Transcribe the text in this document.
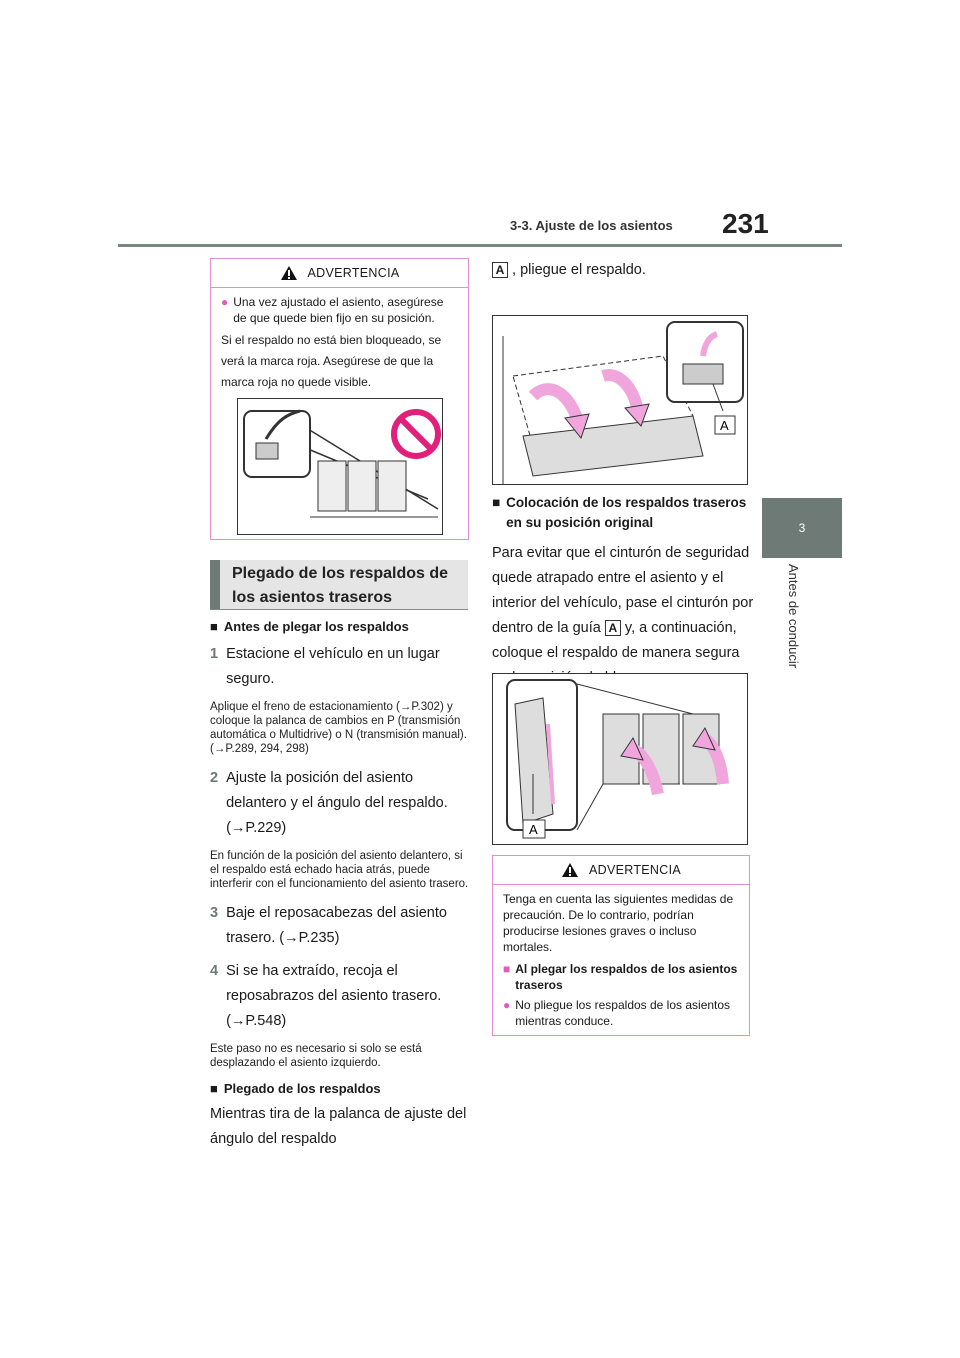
3-3. Ajuste de los asientos 231
3
Antes de conducir
ADVERTENCIA
● Una vez ajustado el asiento, asegúrese de que quede bien fijo en su posición.

Si el respaldo no está bien bloqueado, se verá la marca roja. Asegúrese de que la marca roja no quede visible.

Plegado de los respaldos de los asientos traseros
■ Antes de plegar los respaldos
1 Estacione el vehículo en un lugar seguro.
Aplique el freno de estacionamiento (→P.302) y coloque la palanca de cambios en P (transmisión automática o Multidrive) o N (transmisión manual). (→P.289, 294, 298)
2 Ajuste la posición del asiento delantero y el ángulo del respaldo. (→P.229)
En función de la posición del asiento delantero, si el respaldo está echado hacia atrás, puede interferir con el funcionamiento del asiento trasero.
3 Baje el reposacabezas del asiento trasero. (→P.235)
4 Si se ha extraído, recoja el reposabrazos del asiento trasero. (→P.548)
Este paso no es necesario si solo se está desplazando el asiento izquierdo.
■ Plegado de los respaldos
Mientras tira de la palanca de ajuste del ángulo del respaldo
A , pliegue el respaldo.
A
■ Colocación de los respaldos traseros en su posición original
Para evitar que el cinturón de seguridad quede atrapado entre el asiento y el interior del vehículo, pase el cinturón por dentro de la guía A y, a continuación, coloque el respaldo de manera segura
A
ADVERTENCIA

Tenga en cuenta las siguientes medidas de precaución. De lo contrario, podrían producirse lesiones graves o incluso mortales.

■ Al plegar los respaldos de los asientos traseros
● No pliegue los respaldos de los asientos mientras conduce.
